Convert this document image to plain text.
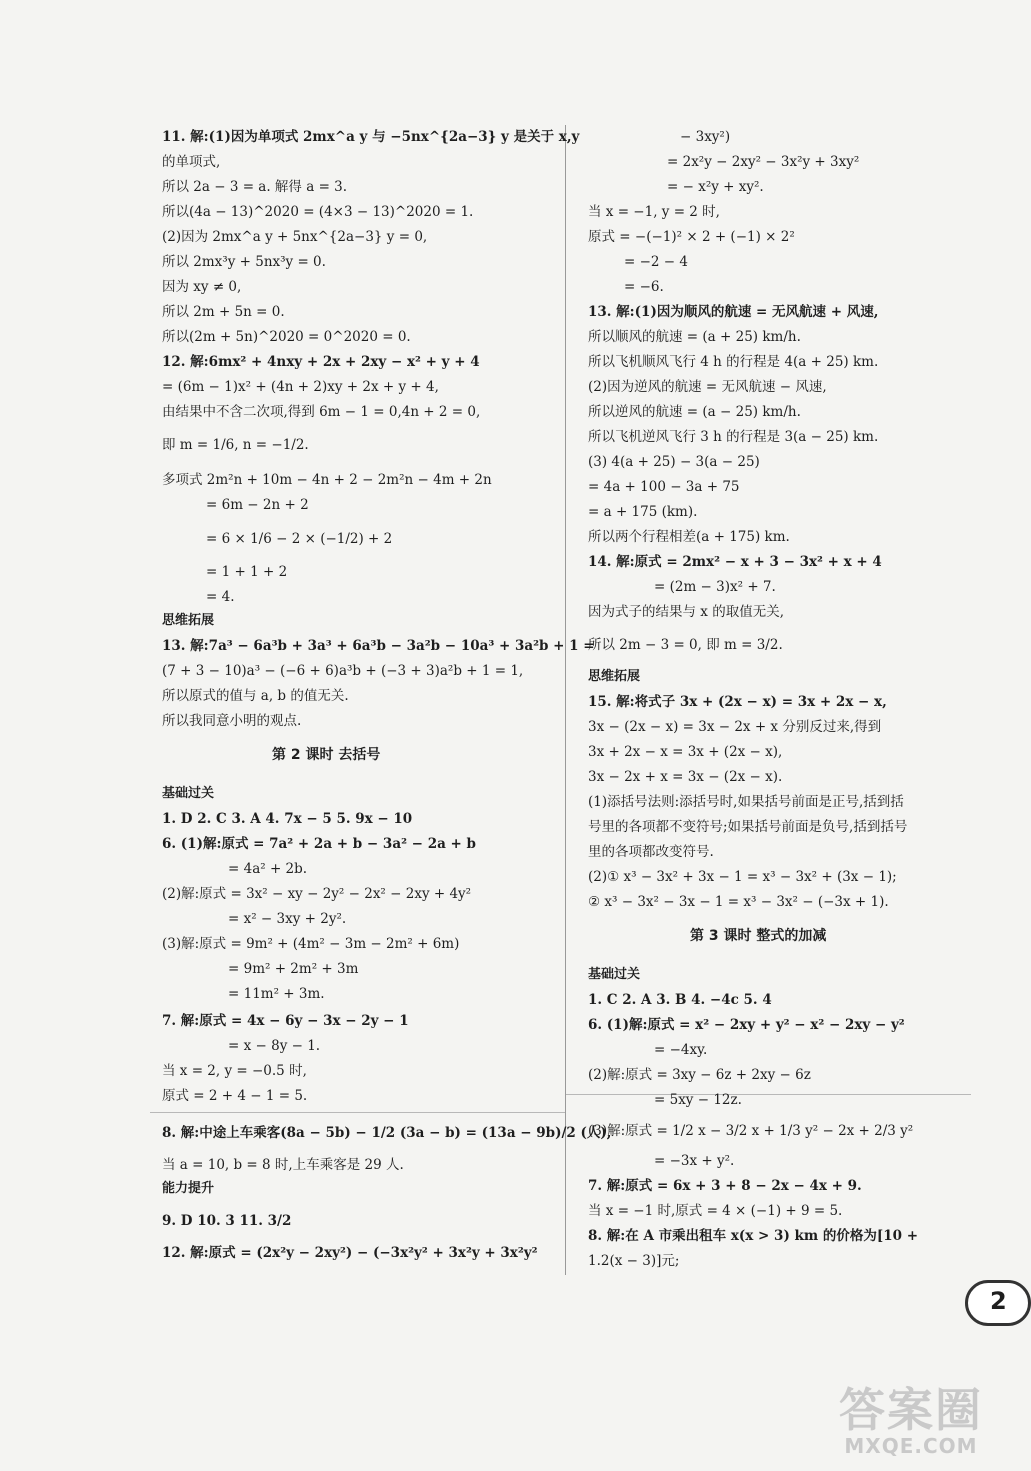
11. 解:(1)因为单项式 2mx^a y 与 −5nx^{2a−3} y 是关于 x,y
的单项式,
所以 2a − 3 = a. 解得 a = 3.
所以(4a − 13)^2020 = (4×3 − 13)^2020 = 1.
(2)因为 2mx^a y + 5nx^{2a−3} y = 0,
所以 2mx³y + 5nx³y = 0.
因为 xy ≠ 0,
所以 2m + 5n = 0.
所以(2m + 5n)^2020 = 0^2020 = 0.
12. 解:6mx² + 4nxy + 2x + 2xy − x² + y + 4
= (6m − 1)x² + (4n + 2)xy + 2x + y + 4,
由结果中不含二次项,得到 6m − 1 = 0,4n + 2 = 0,
即 m = 1/6, n = −1/2.
多项式 2m²n + 10m − 4n + 2 − 2m²n − 4m + 2n
= 6m − 2n + 2
= 6 × 1/6 − 2 × (−1/2) + 2
= 1 + 1 + 2
= 4.
思维拓展
13. 解:7a³ − 6a³b + 3a³ + 6a³b − 3a²b − 10a³ + 3a²b + 1 =
(7 + 3 − 10)a³ − (−6 + 6)a³b + (−3 + 3)a²b + 1 = 1,
所以原式的值与 a, b 的值无关.
所以我同意小明的观点.
第 2 课时 去括号
基础过关
1. D 2. C 3. A 4. 7x − 5 5. 9x − 10
6. (1)解:原式 = 7a² + 2a + b − 3a² − 2a + b
= 4a² + 2b.
(2)解:原式 = 3x² − xy − 2y² − 2x² − 2xy + 4y²
= x² − 3xy + 2y².
(3)解:原式 = 9m² + (4m² − 3m − 2m² + 6m)
= 9m² + 2m² + 3m
= 11m² + 3m.
7. 解:原式 = 4x − 6y − 3x − 2y − 1
= x − 8y − 1.
当 x = 2, y = −0.5 时,
原式 = 2 + 4 − 1 = 5.
8. 解:中途上车乘客(8a − 5b) − 1/2 (3a − b) = (13a − 9b)/2 (人),
当 a = 10, b = 8 时,上车乘客是 29 人.
能力提升
9. D 10. 3 11. 3/2
12. 解:原式 = (2x²y − 2xy²) − (−3x²y² + 3x²y + 3x²y²
− 3xy²)
= 2x²y − 2xy² − 3x²y + 3xy²
= − x²y + xy².
当 x = −1, y = 2 时,
原式 = −(−1)² × 2 + (−1) × 2²
= −2 − 4
= −6.
13. 解:(1)因为顺风的航速 = 无风航速 + 风速,
所以顺风的航速 = (a + 25) km/h.
所以飞机顺风飞行 4 h 的行程是 4(a + 25) km.
(2)因为逆风的航速 = 无风航速 − 风速,
所以逆风的航速 = (a − 25) km/h.
所以飞机逆风飞行 3 h 的行程是 3(a − 25) km.
(3) 4(a + 25) − 3(a − 25)
= 4a + 100 − 3a + 75
= a + 175 (km).
所以两个行程相差(a + 175) km.
14. 解:原式 = 2mx² − x + 3 − 3x² + x + 4
= (2m − 3)x² + 7.
因为式子的结果与 x 的取值无关,
所以 2m − 3 = 0, 即 m = 3/2.
思维拓展
15. 解:将式子 3x + (2x − x) = 3x + 2x − x,
3x − (2x − x) = 3x − 2x + x 分别反过来,得到
3x + 2x − x = 3x + (2x − x),
3x − 2x + x = 3x − (2x − x).
(1)添括号法则:添括号时,如果括号前面是正号,括到括
号里的各项都不变符号;如果括号前面是负号,括到括号
里的各项都改变符号.
(2)① x³ − 3x² + 3x − 1 = x³ − 3x² + (3x − 1);
② x³ − 3x² − 3x − 1 = x³ − 3x² − (−3x + 1).
第 3 课时 整式的加减
基础过关
1. C 2. A 3. B 4. −4c 5. 4
6. (1)解:原式 = x² − 2xy + y² − x² − 2xy − y²
= −4xy.
(2)解:原式 = 3xy − 6z + 2xy − 6z
= 5xy − 12z.
(3)解:原式 = 1/2 x − 3/2 x + 1/3 y² − 2x + 2/3 y²
= −3x + y².
7. 解:原式 = 6x + 3 + 8 − 2x − 4x + 9.
当 x = −1 时,原式 = 4 × (−1) + 9 = 5.
8. 解:在 A 市乘出租车 x(x > 3) km 的价格为[10 +
1.2(x − 3)]元;
2
答案圈
MXQE.COM
